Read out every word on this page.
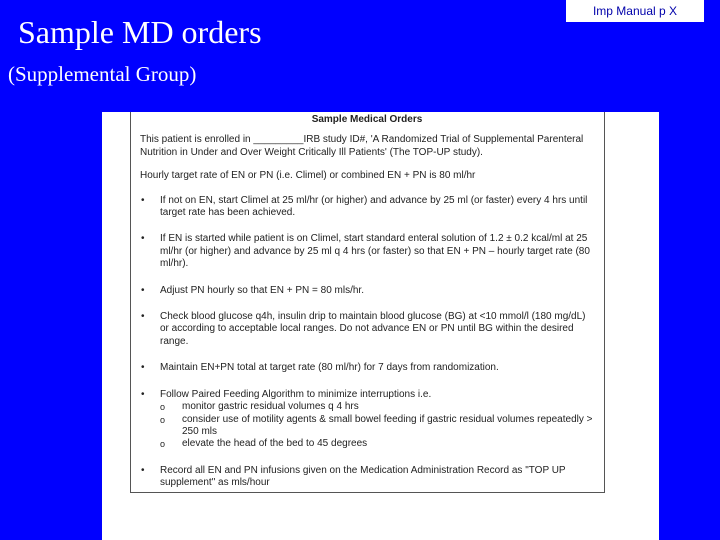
Sample MD orders
(Supplemental Group)
Imp Manual p X
Sample Medical Orders

This patient is enrolled in _________IRB study ID#, 'A Randomized Trial of Supplemental Parenteral Nutrition in Under and Over Weight Critically Ill Patients' (The TOP-UP study).

Hourly target rate of EN or PN (i.e. Climel) or combined EN + PN is 80 ml/hr

• If not on EN, start Climel at 25 ml/hr (or higher) and advance by 25 ml (or faster) every 4 hrs until target rate has been achieved.
• If EN is started while patient is on Climel, start standard enteral solution of 1.2 ± 0.2 kcal/ml at 25 ml/hr (or higher) and advance by 25 ml q 4 hrs (or faster) so that EN + PN – hourly target rate (80 ml/hr).
• Adjust PN hourly so that EN + PN = 80 mls/hr.
• Check blood glucose q4h, insulin drip to maintain blood glucose (BG) at <10 mmol/l (180 mg/dL) or according to acceptable local ranges. Do not advance EN or PN until BG within the desired range.
• Maintain EN+PN total at target rate (80 ml/hr) for 7 days from randomization.
• Follow Paired Feeding Algorithm to minimize interruptions i.e.
o monitor gastric residual volumes q 4 hrs
o consider use of motility agents & small bowel feeding if gastric residual volumes repeatedly > 250 mls
o elevate the head of the bed to 45 degrees
• Record all EN and PN infusions given on the Medication Administration Record as "TOP UP supplement" as mls/hour
